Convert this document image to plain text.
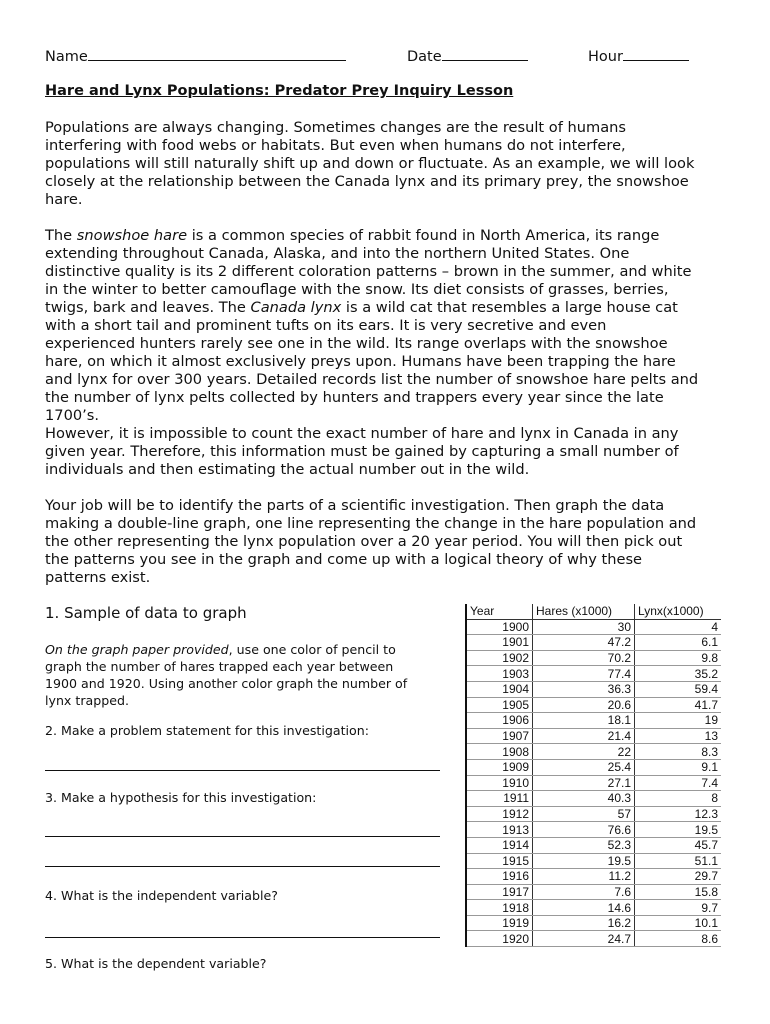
Name	Date	Hour
Hare and Lynx Populations: Predator Prey Inquiry Lesson
Populations are always changing. Sometimes changes are the result of humans
interfering with food webs or habitats. But even when humans do not interfere,
populations will still naturally shift up and down or fluctuate. As an example, we will look
closely at the relationship between the Canada lynx and its primary prey, the snowshoe
hare.
The snowshoe hare is a common species of rabbit found in North America, its range
extending throughout Canada, Alaska, and into the northern United States. One
distinctive quality is its 2 different coloration patterns – brown in the summer, and white
in the winter to better camouflage with the snow. Its diet consists of grasses, berries,
twigs, bark and leaves. The Canada lynx is a wild cat that resembles a large house cat
with a short tail and prominent tufts on its ears. It is very secretive and even
experienced hunters rarely see one in the wild. Its range overlaps with the snowshoe
hare, on which it almost exclusively preys upon. Humans have been trapping the hare
and lynx for over 300 years. Detailed records list the number of snowshoe hare pelts and
the number of lynx pelts collected by hunters and trappers every year since the late
1700’s.
However, it is impossible to count the exact number of hare and lynx in Canada in any
given year. Therefore, this information must be gained by capturing a small number of
individuals and then estimating the actual number out in the wild.
Your job will be to identify the parts of a scientific investigation. Then graph the data
making a double-line graph, one line representing the change in the hare population and
the other representing the lynx population over a 20 year period. You will then pick out
the patterns you see in the graph and come up with a logical theory of why these
patterns exist.
1. Sample of data to graph
On the graph paper provided, use one color of pencil to
graph the number of hares trapped each year between
1900 and 1920. Using another color graph the number of
lynx trapped.
2. Make a problem statement for this investigation:
3. Make a hypothesis for this investigation:
4. What is the independent variable?
5. What is the dependent variable?
Year	Hares (x1000)	Lynx(x1000)
1900	30	4
1901	47.2	6.1
1902	70.2	9.8
1903	77.4	35.2
1904	36.3	59.4
1905	20.6	41.7
1906	18.1	19
1907	21.4	13
1908	22	8.3
1909	25.4	9.1
1910	27.1	7.4
1911	40.3	8
1912	57	12.3
1913	76.6	19.5
1914	52.3	45.7
1915	19.5	51.1
1916	11.2	29.7
1917	7.6	15.8
1918	14.6	9.7
1919	16.2	10.1
1920	24.7	8.6
